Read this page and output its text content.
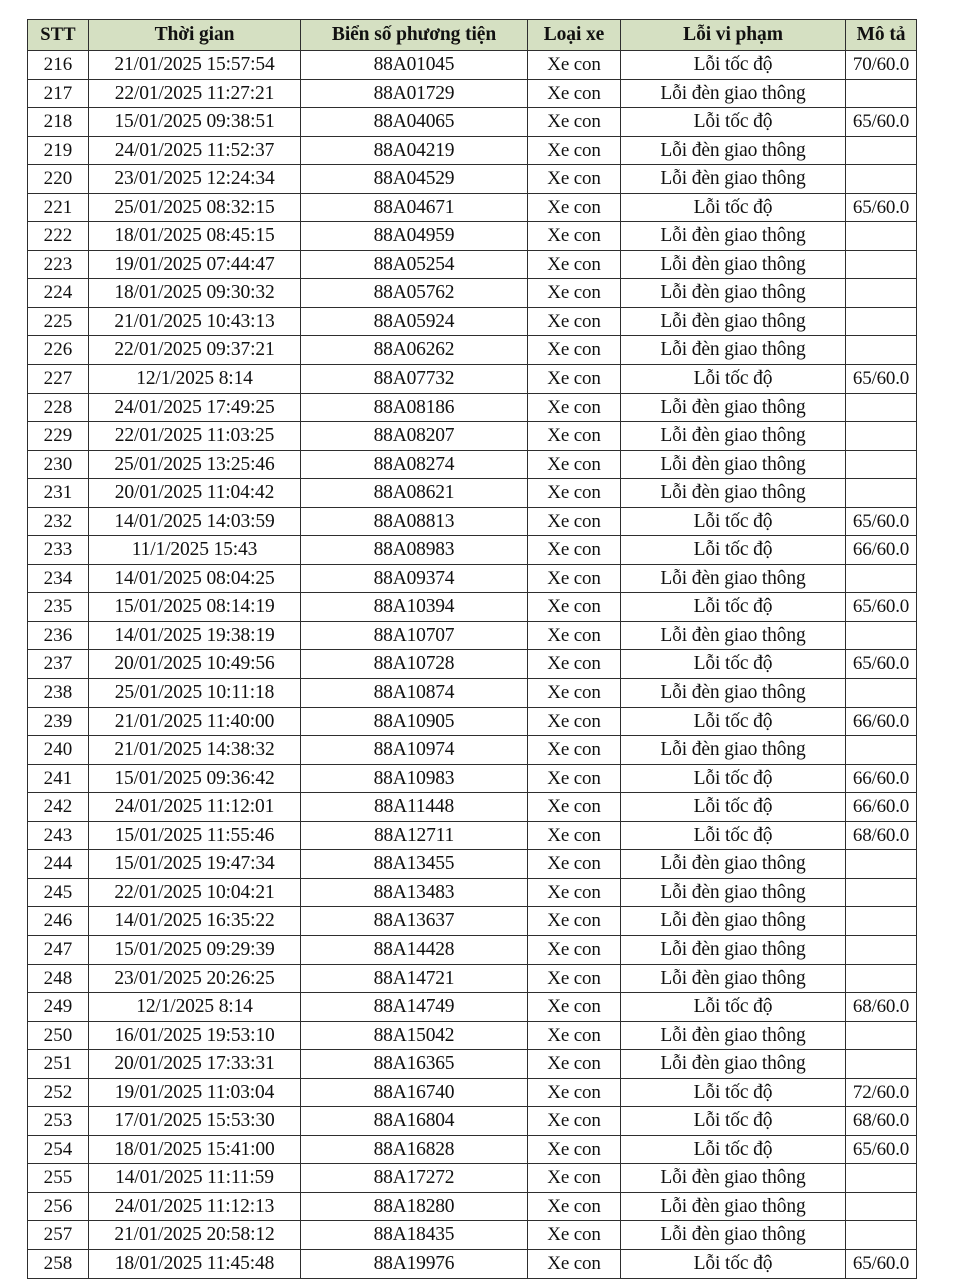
STT	Thời gian	Biển số phương tiện	Loại xe	Lỗi vi phạm	Mô tả
216	21/01/2025 15:57:54	88A01045	Xe con	Lỗi tốc độ	70/60.0
217	22/01/2025 11:27:21	88A01729	Xe con	Lỗi đèn giao thông	
218	15/01/2025 09:38:51	88A04065	Xe con	Lỗi tốc độ	65/60.0
219	24/01/2025 11:52:37	88A04219	Xe con	Lỗi đèn giao thông	
220	23/01/2025 12:24:34	88A04529	Xe con	Lỗi đèn giao thông	
221	25/01/2025 08:32:15	88A04671	Xe con	Lỗi tốc độ	65/60.0
222	18/01/2025 08:45:15	88A04959	Xe con	Lỗi đèn giao thông	
223	19/01/2025 07:44:47	88A05254	Xe con	Lỗi đèn giao thông	
224	18/01/2025 09:30:32	88A05762	Xe con	Lỗi đèn giao thông	
225	21/01/2025 10:43:13	88A05924	Xe con	Lỗi đèn giao thông	
226	22/01/2025 09:37:21	88A06262	Xe con	Lỗi đèn giao thông	
227	12/1/2025 8:14	88A07732	Xe con	Lỗi tốc độ	65/60.0
228	24/01/2025 17:49:25	88A08186	Xe con	Lỗi đèn giao thông	
229	22/01/2025 11:03:25	88A08207	Xe con	Lỗi đèn giao thông	
230	25/01/2025 13:25:46	88A08274	Xe con	Lỗi đèn giao thông	
231	20/01/2025 11:04:42	88A08621	Xe con	Lỗi đèn giao thông	
232	14/01/2025 14:03:59	88A08813	Xe con	Lỗi tốc độ	65/60.0
233	11/1/2025 15:43	88A08983	Xe con	Lỗi tốc độ	66/60.0
234	14/01/2025 08:04:25	88A09374	Xe con	Lỗi đèn giao thông	
235	15/01/2025 08:14:19	88A10394	Xe con	Lỗi tốc độ	65/60.0
236	14/01/2025 19:38:19	88A10707	Xe con	Lỗi đèn giao thông	
237	20/01/2025 10:49:56	88A10728	Xe con	Lỗi tốc độ	65/60.0
238	25/01/2025 10:11:18	88A10874	Xe con	Lỗi đèn giao thông	
239	21/01/2025 11:40:00	88A10905	Xe con	Lỗi tốc độ	66/60.0
240	21/01/2025 14:38:32	88A10974	Xe con	Lỗi đèn giao thông	
241	15/01/2025 09:36:42	88A10983	Xe con	Lỗi tốc độ	66/60.0
242	24/01/2025 11:12:01	88A11448	Xe con	Lỗi tốc độ	66/60.0
243	15/01/2025 11:55:46	88A12711	Xe con	Lỗi tốc độ	68/60.0
244	15/01/2025 19:47:34	88A13455	Xe con	Lỗi đèn giao thông	
245	22/01/2025 10:04:21	88A13483	Xe con	Lỗi đèn giao thông	
246	14/01/2025 16:35:22	88A13637	Xe con	Lỗi đèn giao thông	
247	15/01/2025 09:29:39	88A14428	Xe con	Lỗi đèn giao thông	
248	23/01/2025 20:26:25	88A14721	Xe con	Lỗi đèn giao thông	
249	12/1/2025 8:14	88A14749	Xe con	Lỗi tốc độ	68/60.0
250	16/01/2025 19:53:10	88A15042	Xe con	Lỗi đèn giao thông	
251	20/01/2025 17:33:31	88A16365	Xe con	Lỗi đèn giao thông	
252	19/01/2025 11:03:04	88A16740	Xe con	Lỗi tốc độ	72/60.0
253	17/01/2025 15:53:30	88A16804	Xe con	Lỗi tốc độ	68/60.0
254	18/01/2025 15:41:00	88A16828	Xe con	Lỗi tốc độ	65/60.0
255	14/01/2025 11:11:59	88A17272	Xe con	Lỗi đèn giao thông	
256	24/01/2025 11:12:13	88A18280	Xe con	Lỗi đèn giao thông	
257	21/01/2025 20:58:12	88A18435	Xe con	Lỗi đèn giao thông	
258	18/01/2025 11:45:48	88A19976	Xe con	Lỗi tốc độ	65/60.0
